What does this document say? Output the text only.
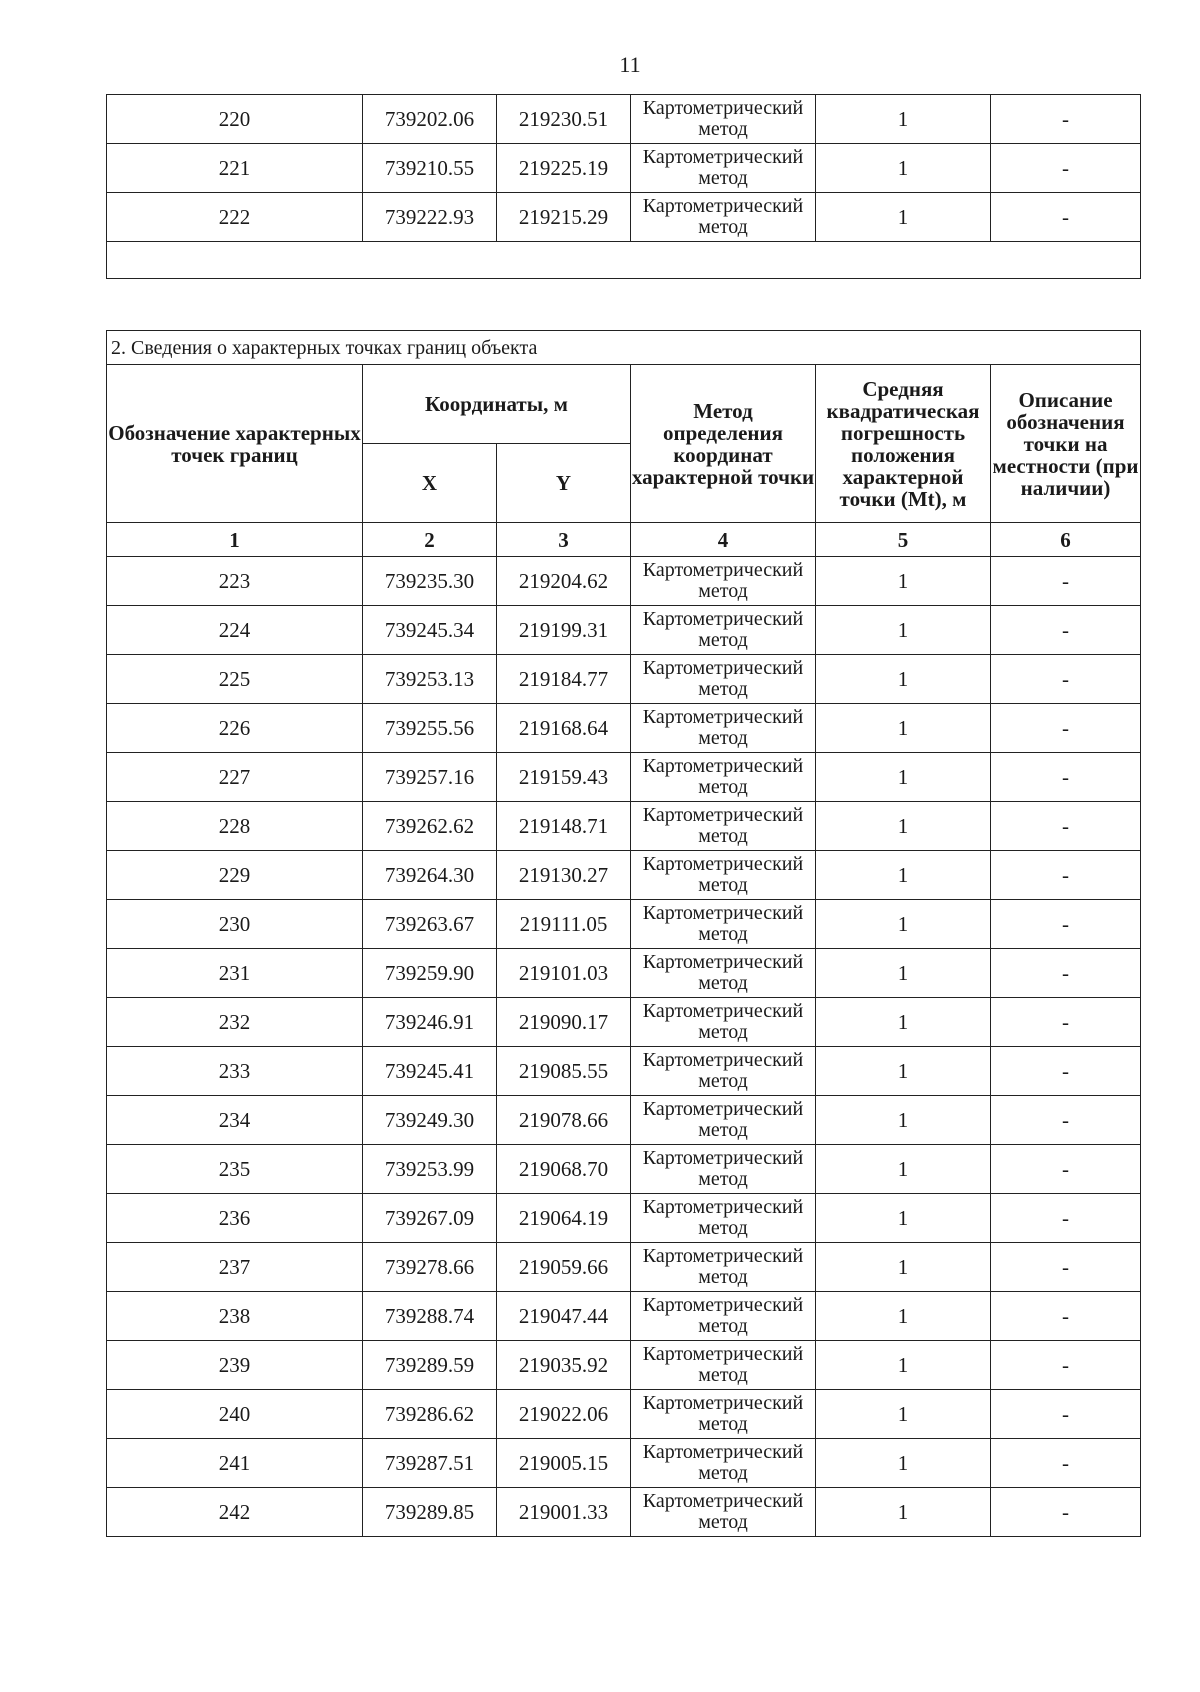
11
220	739202.06	219230.51	Картометрический метод	1	-
221	739210.55	219225.19	Картометрический метод	1	-
222	739222.93	219215.29	Картометрический метод	1	-

2. Сведения о характерных точках границ объекта					
Обозначение характерных точек границ	Координаты, м		Метод определения координат характерной точки	Средняя квадратическая погрешность положения характерной точки (Mt), м	Описание обозначения точки на местности (при наличии)
	X	Y			
1	2	3	4	5	6
223	739235.30	219204.62	Картометрический метод	1	-
224	739245.34	219199.31	Картометрический метод	1	-
225	739253.13	219184.77	Картометрический метод	1	-
226	739255.56	219168.64	Картометрический метод	1	-
227	739257.16	219159.43	Картометрический метод	1	-
228	739262.62	219148.71	Картометрический метод	1	-
229	739264.30	219130.27	Картометрический метод	1	-
230	739263.67	219111.05	Картометрический метод	1	-
231	739259.90	219101.03	Картометрический метод	1	-
232	739246.91	219090.17	Картометрический метод	1	-
233	739245.41	219085.55	Картометрический метод	1	-
234	739249.30	219078.66	Картометрический метод	1	-
235	739253.99	219068.70	Картометрический метод	1	-
236	739267.09	219064.19	Картометрический метод	1	-
237	739278.66	219059.66	Картометрический метод	1	-
238	739288.74	219047.44	Картометрический метод	1	-
239	739289.59	219035.92	Картометрический метод	1	-
240	739286.62	219022.06	Картометрический метод	1	-
241	739287.51	219005.15	Картометрический метод	1	-
242	739289.85	219001.33	Картометрический метод	1	-
